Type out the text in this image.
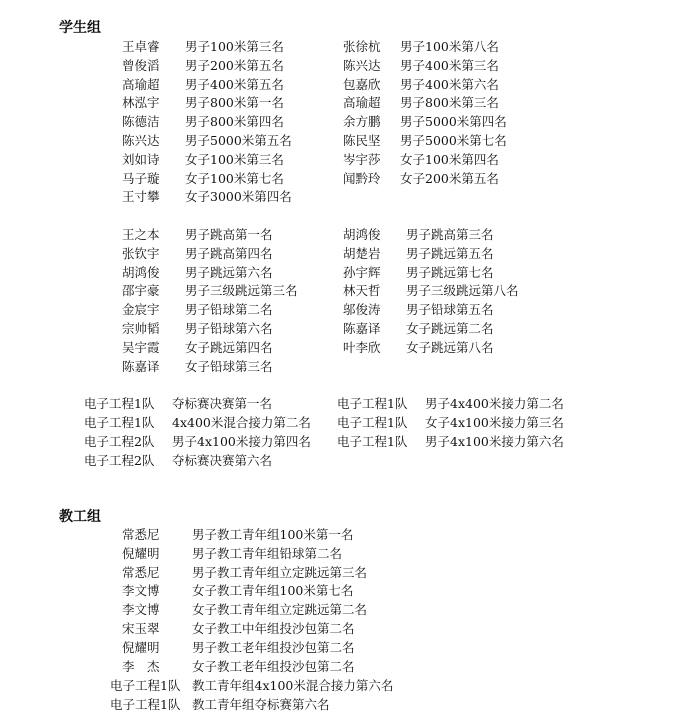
学生组
王卓睿 男子100米第三名	张徐杭 男子100米第八名
曾俊滔 男子200米第五名	陈兴达 男子400米第三名
高瑜超 男子400米第五名	包嘉欣 男子400米第六名
林泓宇 男子800米第一名	高瑜超 男子800米第三名
陈德洁 男子800米第四名	余方鹏 男子5000米第四名
陈兴达 男子5000米第五名	陈民坚 男子5000米第七名
刘如诗 女子100米第三名	岑宇莎 女子100米第四名
马子璇 女子100米第七名	闻黔玲 女子200米第五名
王寸攀 女子3000米第四名
王之本 男子跳高第一名	胡鸿俊 男子跳高第三名
张钦宇 男子跳高第四名	胡楚岩 男子跳远第五名
胡鸿俊 男子跳远第六名	孙宇辉 男子跳远第七名
邵宇豪 男子三级跳远第三名	林天哲 男子三级跳远第八名
金宸宇 男子铅球第二名	邬俊涛 男子铅球第五名
宗帅韬 男子铅球第六名	陈嘉译 女子跳远第二名
吴宇霞 女子跳远第四名	叶李欣 女子跳远第八名
陈嘉译 女子铅球第三名
电子工程1队 夺标赛决赛第一名	电子工程1队 男子4x400米接力第二名
电子工程1队 4x400米混合接力第二名 电子工程1队 女子4x100米接力第三名
电子工程2队 男子4x100米接力第四名 电子工程1队 男子4x100米接力第六名
电子工程2队 夺标赛决赛第六名
教工组
常悉尼	男子教工青年组100米第一名
倪耀明	男子教工青年组铅球第二名
常悉尼	男子教工青年组立定跳远第三名
李文博	女子教工青年组100米第七名
李文博	女子教工青年组立定跳远第二名
宋玉翠	女子教工中年组投沙包第二名
倪耀明	男子教工老年组投沙包第二名
李　杰	女子教工老年组投沙包第二名
电子工程1队 教工青年组4x100米混合接力第六名
电子工程1队 教工青年组夺标赛第六名
